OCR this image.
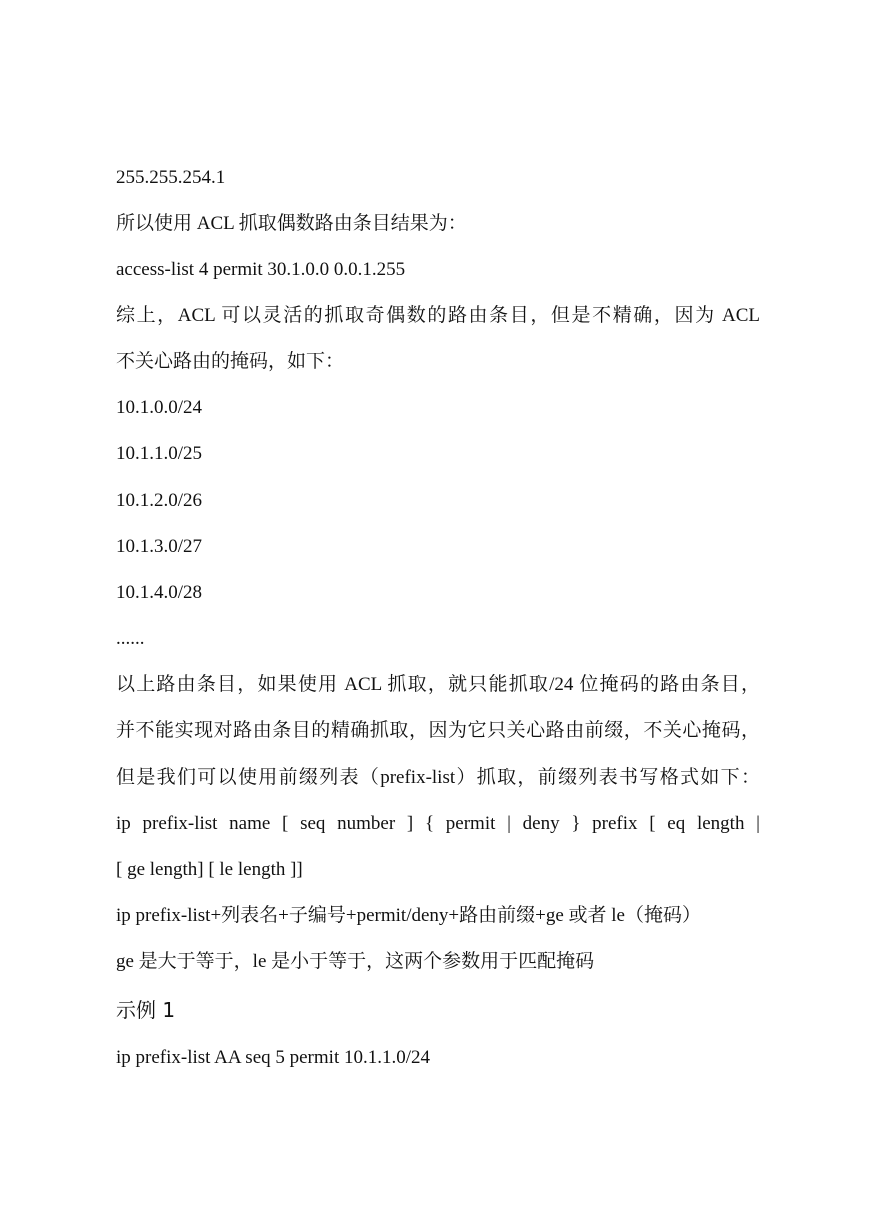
255.255.254.1
所以使用 ACL 抓取偶数路由条目结果为：
access-list 4 permit 30.1.0.0 0.0.1.255
综上，ACL 可以灵活的抓取奇偶数的路由条目，但是不精确，因为 ACL
不关心路由的掩码，如下：
10.1.0.0/24
10.1.1.0/25
10.1.2.0/26
10.1.3.0/27
10.1.4.0/28
......
以上路由条目，如果使用 ACL 抓取，就只能抓取/24 位掩码的路由条目，
并不能实现对路由条目的精确抓取，因为它只关心路由前缀，不关心掩码，
但是我们可以使用前缀列表（prefix-list）抓取，前缀列表书写格式如下：
ip prefix-list name [ seq number ] { permit | deny } prefix [ eq length |
[ ge length] [ le length ]]
ip prefix-list+列表名+子编号+permit/deny+路由前缀+ge 或者 le（掩码）
ge 是大于等于，le 是小于等于，这两个参数用于匹配掩码
示例 1
ip prefix-list AA seq 5 permit 10.1.1.0/24
